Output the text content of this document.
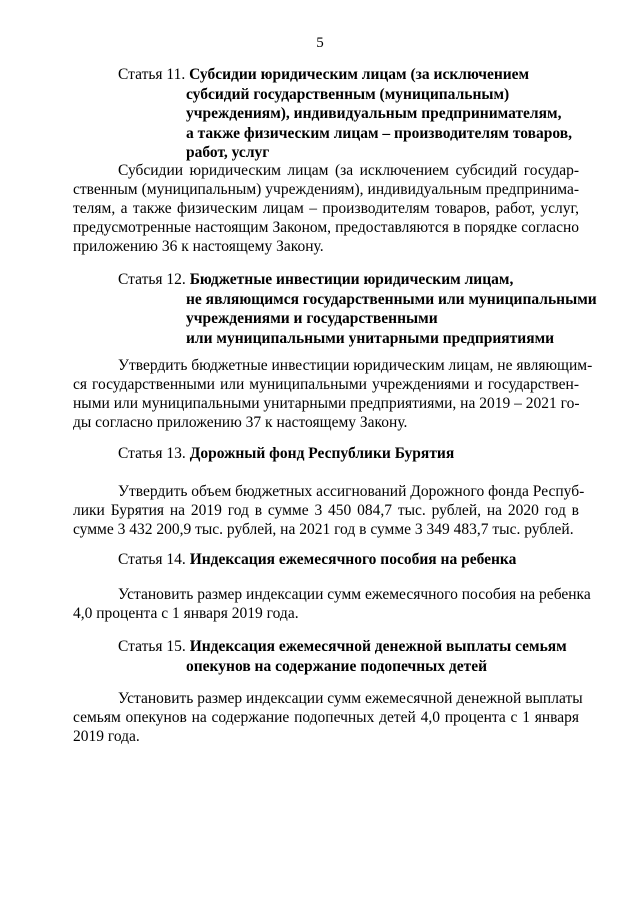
5
Статья 11. Субсидии юридическим лицам (за исключением
субсидий государственным (муниципальным)
учреждениям), индивидуальным предпринимателям,
а также физическим лицам – производителям товаров,
работ, услуг
Субсидии юридическим лицам (за исключением субсидий государ-
ственным (муниципальным) учреждениям), индивидуальным предпринима-
телям, а также физическим лицам – производителям товаров, работ, услуг,
предусмотренные настоящим Законом, предоставляются в порядке согласно
приложению 36 к настоящему Закону.
Статья 12. Бюджетные инвестиции юридическим лицам,
не являющимся государственными или муниципальными
учреждениями и государственными
или муниципальными унитарными предприятиями
Утвердить бюджетные инвестиции юридическим лицам, не являющим-
ся государственными или муниципальными учреждениями и государствен-
ными или муниципальными унитарными предприятиями, на 2019 – 2021 го-
ды согласно приложению 37 к настоящему Закону.
Статья 13. Дорожный фонд Республики Бурятия
Утвердить объем бюджетных ассигнований Дорожного фонда Респуб-
лики Бурятия на 2019 год в сумме 3 450 084,7 тыс. рублей, на 2020 год в
сумме 3 432 200,9 тыс. рублей, на 2021 год в сумме 3 349 483,7 тыс. рублей.
Статья 14. Индексация ежемесячного пособия на ребенка
Установить размер индексации сумм ежемесячного пособия на ребенка
4,0 процента с 1 января 2019 года.
Статья 15. Индексация ежемесячной денежной выплаты семьям
опекунов на содержание подопечных детей
Установить размер индексации сумм ежемесячной денежной выплаты
семьям опекунов на содержание подопечных детей 4,0 процента с 1 января
2019 года.
